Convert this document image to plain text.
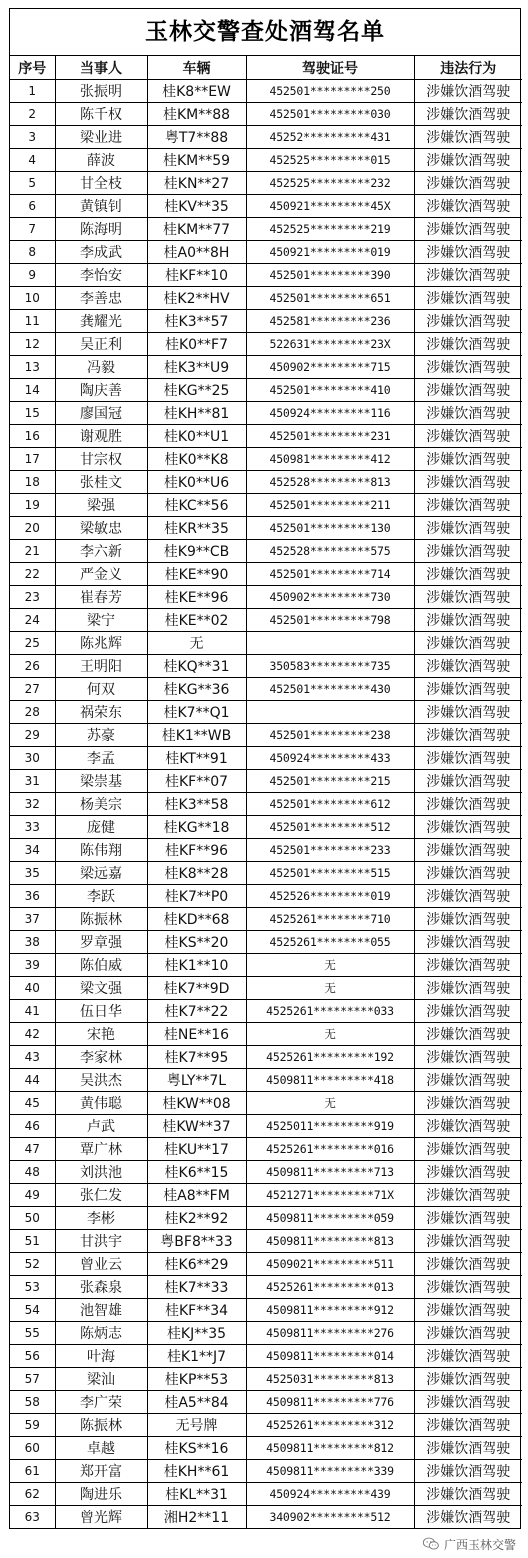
玉林交警查处酒驾名单
序号	当事人	车辆	驾驶证号	违法行为
1	张振明	桂K8**EW	452501*********250	涉嫌饮酒驾驶
2	陈千权	桂KM**88	452501*********030	涉嫌饮酒驾驶
3	梁业进	粤T7**88	45252**********431	涉嫌饮酒驾驶
4	薛波	桂KM**59	452525*********015	涉嫌饮酒驾驶
5	甘全枝	桂KN**27	452525*********232	涉嫌饮酒驾驶
6	黄镇钊	桂KV**35	450921*********45X	涉嫌饮酒驾驶
7	陈海明	桂KM**77	452525*********219	涉嫌饮酒驾驶
8	李成武	桂A0**8H	450921*********019	涉嫌饮酒驾驶
9	李怡安	桂KF**10	452501*********390	涉嫌饮酒驾驶
10	李善忠	桂K2**HV	452501*********651	涉嫌饮酒驾驶
11	龚耀光	桂K3**57	452581*********236	涉嫌饮酒驾驶
12	吴正利	桂K0**F7	522631*********23X	涉嫌饮酒驾驶
13	冯毅	桂K3**U9	450902*********715	涉嫌饮酒驾驶
14	陶庆善	桂KG**25	452501*********410	涉嫌饮酒驾驶
15	廖国冠	桂KH**81	450924*********116	涉嫌饮酒驾驶
16	谢观胜	桂K0**U1	452501*********231	涉嫌饮酒驾驶
17	甘宗权	桂K0**K8	450981*********412	涉嫌饮酒驾驶
18	张桂文	桂K0**U6	452528*********813	涉嫌饮酒驾驶
19	梁强	桂KC**56	452501*********211	涉嫌饮酒驾驶
20	梁敏忠	桂KR**35	452501*********130	涉嫌饮酒驾驶
21	李六新	桂K9**CB	452528*********575	涉嫌饮酒驾驶
22	严金义	桂KE**90	452501*********714	涉嫌饮酒驾驶
23	崔春芳	桂KE**96	450902*********730	涉嫌饮酒驾驶
24	梁宁	桂KE**02	452501*********798	涉嫌饮酒驾驶
25	陈兆辉	无		涉嫌饮酒驾驶
26	王明阳	桂KQ**31	350583*********735	涉嫌饮酒驾驶
27	何双	桂KG**36	452501*********430	涉嫌饮酒驾驶
28	祸荣东	桂K7**Q1		涉嫌饮酒驾驶
29	苏豪	桂K1**WB	452501*********238	涉嫌饮酒驾驶
30	李孟	桂KT**91	450924*********433	涉嫌饮酒驾驶
31	梁崇基	桂KF**07	452501*********215	涉嫌饮酒驾驶
32	杨美宗	桂K3**58	452501*********612	涉嫌饮酒驾驶
33	庞健	桂KG**18	452501*********512	涉嫌饮酒驾驶
34	陈伟翔	桂KF**96	452501*********233	涉嫌饮酒驾驶
35	梁远嘉	桂K8**28	452501*********515	涉嫌饮酒驾驶
36	李跃	桂K7**P0	452526*********019	涉嫌饮酒驾驶
37	陈振林	桂KD**68	4525261********710	涉嫌饮酒驾驶
38	罗章强	桂KS**20	4525261********055	涉嫌饮酒驾驶
39	陈伯威	桂K1**10	无	涉嫌饮酒驾驶
40	梁文强	桂K7**9D	无	涉嫌饮酒驾驶
41	伍日华	桂K7**22	4525261*********033	涉嫌饮酒驾驶
42	宋艳	桂NE**16	无	涉嫌饮酒驾驶
43	李家林	桂K7**95	4525261*********192	涉嫌饮酒驾驶
44	吴洪杰	粤LY**7L	4509811*********418	涉嫌饮酒驾驶
45	黄伟聪	桂KW**08	无	涉嫌饮酒驾驶
46	卢武	桂KW**37	4525011*********919	涉嫌饮酒驾驶
47	覃广林	桂KU**17	4525261*********016	涉嫌饮酒驾驶
48	刘洪池	桂K6**15	4509811*********713	涉嫌饮酒驾驶
49	张仁发	桂A8**FM	4521271*********71X	涉嫌饮酒驾驶
50	李彬	桂K2**92	4509811*********059	涉嫌饮酒驾驶
51	甘洪宇	粤BF8**33	4509811*********813	涉嫌饮酒驾驶
52	曾业云	桂K6**29	4509021*********511	涉嫌饮酒驾驶
53	张森泉	桂K7**33	4525261*********013	涉嫌饮酒驾驶
54	池智雄	桂KF**34	4509811*********912	涉嫌饮酒驾驶
55	陈炳志	桂KJ**35	4509811*********276	涉嫌饮酒驾驶
56	叶海	桂K1**J7	4509811*********014	涉嫌饮酒驾驶
57	梁汕	桂KP**53	4525031*********813	涉嫌饮酒驾驶
58	李广荣	桂A5**84	4509811*********776	涉嫌饮酒驾驶
59	陈振林	无号牌	4525261*********312	涉嫌饮酒驾驶
60	卓越	桂KS**16	4509811*********812	涉嫌饮酒驾驶
61	郑开富	桂KH**61	4509811*********339	涉嫌饮酒驾驶
62	陶进乐	桂KL**31	450924*********439	涉嫌饮酒驾驶
63	曾光辉	湘H2**11	340902*********512	涉嫌饮酒驾驶
广西玉林交警
